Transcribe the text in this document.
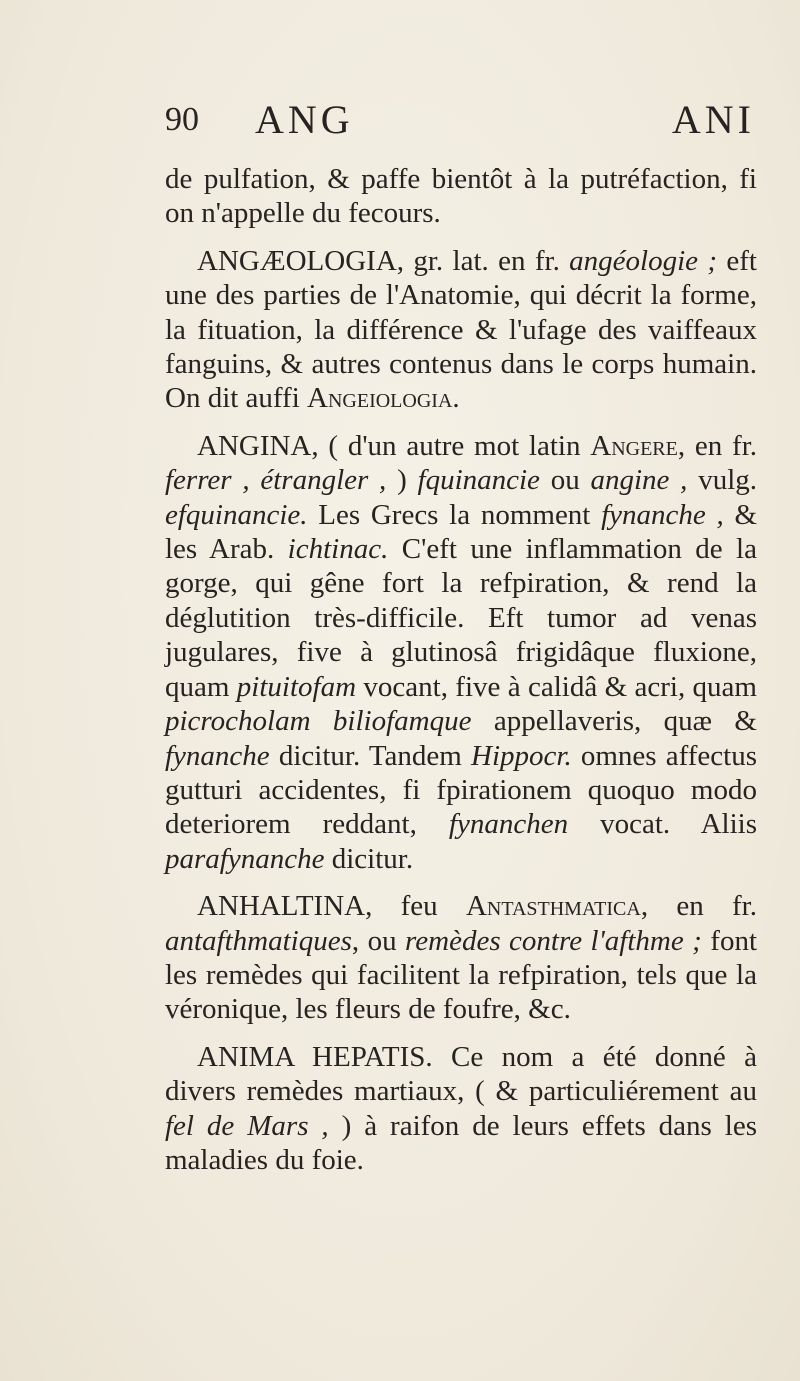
90 ANG	ANI

de pulfation, & paffe bientôt à la putréfaction, fi on n'appelle du fecours.

ANGÆOLOGIA, gr. lat. en fr. angéologie ; eft une des parties de l'Anatomie, qui décrit la forme, la fituation, la différence & l'ufage des vaiffeaux fanguins, & autres contenus dans le corps humain. On dit auffi Angeiologia.

ANGINA, ( d'un autre mot latin Angere, en fr. ferrer , étrangler , ) fquinancie ou angine , vulg. efquinancie. Les Grecs la nomment fynanche , & les Arab. ichtinac. C'eft une inflammation de la gorge, qui gêne fort la refpiration, & rend la déglutition très-difficile. Eft tumor ad venas jugulares, five à glutinosâ frigidâque fluxione, quam pituitofam vocant, five à calidâ & acri, quam picrocholam biliofamque appellaveris, quæ & fynanche dicitur. Tandem Hippocr. omnes affectus gutturi accidentes, fi fpirationem quoquo modo deteriorem reddant, fynanchen vocat. Aliis parafynanche dicitur.

ANHALTINA, feu Antasthmatica, en fr. antafthmatiques, ou remèdes contre l'afthme ; font les remèdes qui facilitent la refpiration, tels que la véronique, les fleurs de foufre, &c.

ANIMA HEPATIS. Ce nom a été donné à divers remèdes martiaux, ( & particuliérement au fel de Mars , ) à raifon de leurs effets dans les maladies du foie.
